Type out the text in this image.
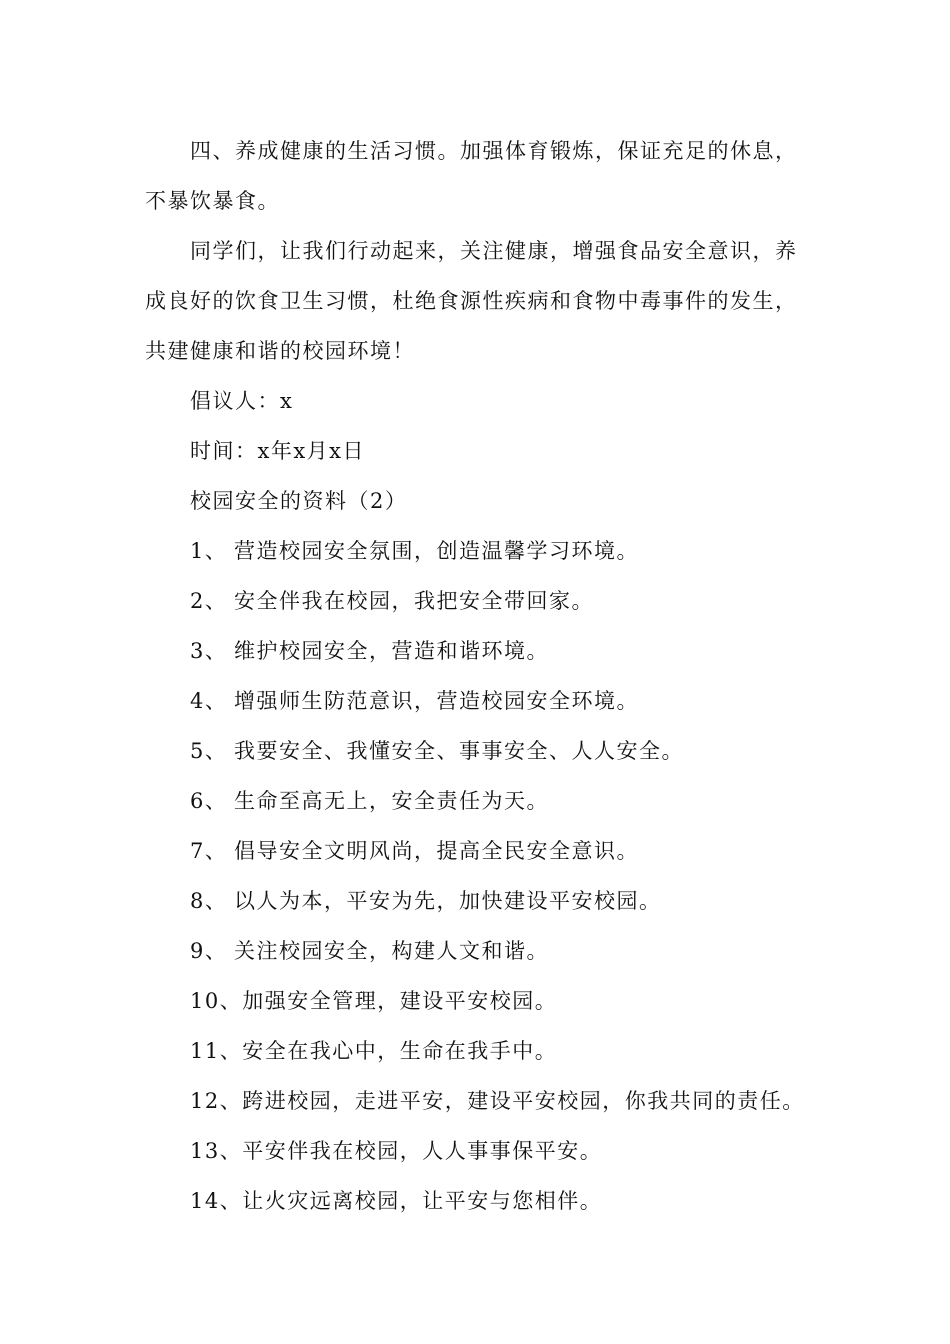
四、养成健康的生活习惯。加强体育锻炼，保证充足的休息，
不暴饮暴食。
同学们，让我们行动起来，关注健康，增强食品安全意识，养
成良好的饮食卫生习惯，杜绝食源性疾病和食物中毒事件的发生，
共建健康和谐的校园环境！
倡议人：x
时间：x年x月x日
校园安全的资料（2）
1、 营造校园安全氛围，创造温馨学习环境。
2、 安全伴我在校园，我把安全带回家。
3、 维护校园安全，营造和谐环境。
4、 增强师生防范意识，营造校园安全环境。
5、 我要安全、我懂安全、事事安全、人人安全。
6、 生命至高无上，安全责任为天。
7、 倡导安全文明风尚，提高全民安全意识。
8、 以人为本，平安为先，加快建设平安校园。
9、 关注校园安全，构建人文和谐。
10、加强安全管理，建设平安校园。
11、安全在我心中，生命在我手中。
12、跨进校园，走进平安，建设平安校园，你我共同的责任。
13、平安伴我在校园，人人事事保平安。
14、让火灾远离校园，让平安与您相伴。
